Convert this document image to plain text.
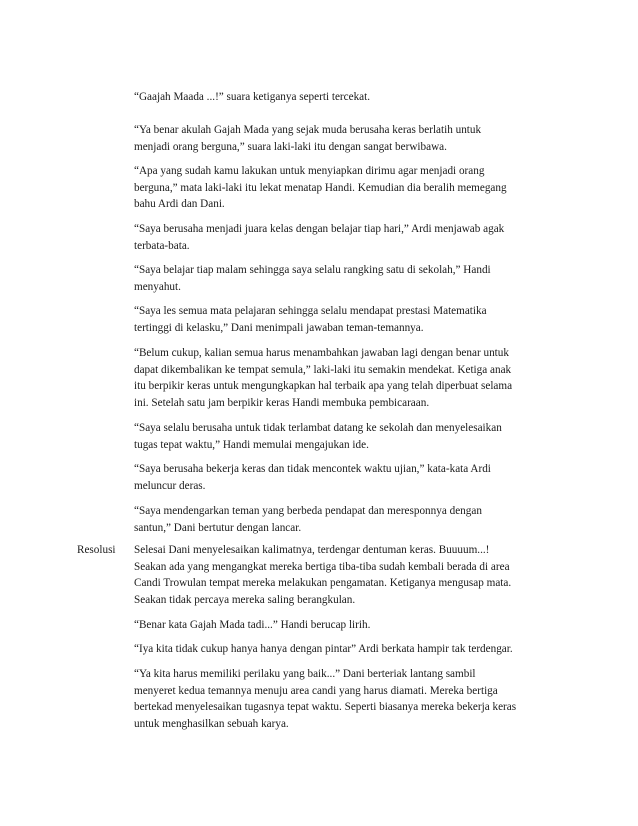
Resolusi
“Gaajah Maada ...!” suara ketiganya seperti tercekat.
“Ya benar akulah Gajah Mada yang sejak muda berusaha keras berlatih untuk
menjadi orang berguna,” suara laki-laki itu dengan sangat berwibawa.
“Apa yang sudah kamu lakukan untuk menyiapkan dirimu agar menjadi orang
berguna,” mata laki-laki itu lekat menatap Handi. Kemudian dia beralih memegang
bahu Ardi dan Dani.
“Saya berusaha menjadi juara kelas dengan belajar tiap hari,” Ardi menjawab agak
terbata-bata.
“Saya belajar tiap malam sehingga saya selalu rangking satu di sekolah,” Handi
menyahut.
“Saya les semua mata pelajaran sehingga selalu mendapat prestasi Matematika
tertinggi di kelasku,” Dani menimpali jawaban teman-temannya.
“Belum cukup, kalian semua harus menambahkan jawaban lagi dengan benar untuk
dapat dikembalikan ke tempat semula,” laki-laki itu semakin mendekat. Ketiga anak
itu berpikir keras untuk mengungkapkan hal terbaik apa yang telah diperbuat selama
ini. Setelah satu jam berpikir keras Handi membuka pembicaraan.
“Saya selalu berusaha untuk tidak terlambat datang ke sekolah dan menyelesaikan
tugas tepat waktu,” Handi memulai mengajukan ide.
“Saya berusaha bekerja keras dan tidak mencontek waktu ujian,” kata-kata Ardi
meluncur deras.
“Saya mendengarkan teman yang berbeda pendapat dan meresponnya dengan
santun,” Dani bertutur dengan lancar.
Selesai Dani menyelesaikan kalimatnya, terdengar dentuman keras. Buuuum...!
Seakan ada yang mengangkat mereka bertiga tiba-tiba sudah kembali berada di area
Candi Trowulan tempat mereka melakukan pengamatan. Ketiganya mengusap mata.
Seakan tidak percaya mereka saling berangkulan.
“Benar kata Gajah Mada tadi...” Handi berucap lirih.
“Iya kita tidak cukup hanya hanya dengan pintar” Ardi berkata hampir tak terdengar.
“Ya kita harus memiliki perilaku yang baik...” Dani berteriak lantang sambil
menyeret kedua temannya menuju area candi yang harus diamati. Mereka bertiga
bertekad menyelesaikan tugasnya tepat waktu. Seperti biasanya mereka bekerja keras
untuk menghasilkan sebuah karya.
